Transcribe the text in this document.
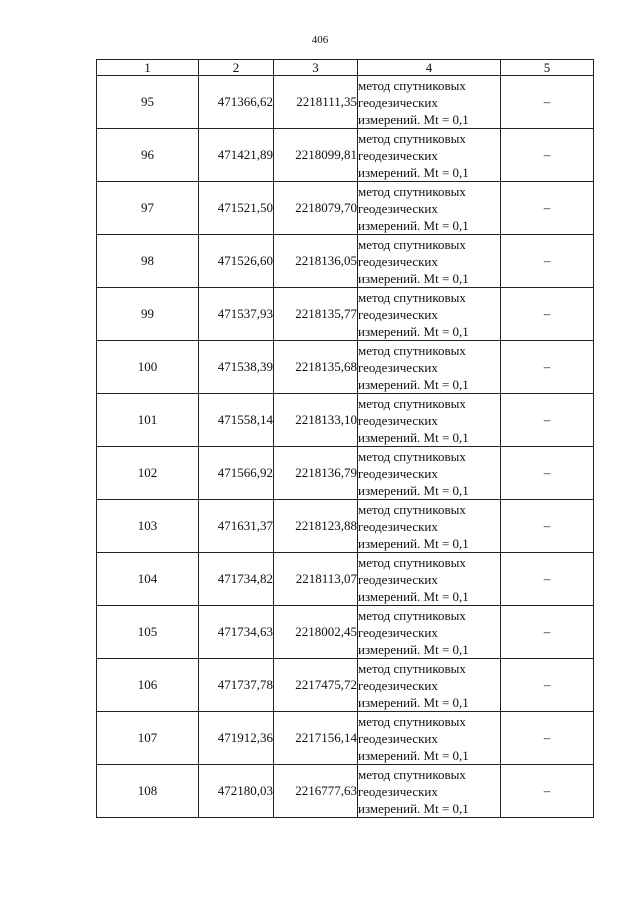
406
1	2	3	4	5
95	471366,62	2218111,35	метод спутниковых
геодезических
измерений. Mt = 0,1	–
96	471421,89	2218099,81	метод спутниковых
геодезических
измерений. Mt = 0,1	–
97	471521,50	2218079,70	метод спутниковых
геодезических
измерений. Mt = 0,1	–
98	471526,60	2218136,05	метод спутниковых
геодезических
измерений. Mt = 0,1	–
99	471537,93	2218135,77	метод спутниковых
геодезических
измерений. Mt = 0,1	–
100	471538,39	2218135,68	метод спутниковых
геодезических
измерений. Mt = 0,1	–
101	471558,14	2218133,10	метод спутниковых
геодезических
измерений. Mt = 0,1	–
102	471566,92	2218136,79	метод спутниковых
геодезических
измерений. Mt = 0,1	–
103	471631,37	2218123,88	метод спутниковых
геодезических
измерений. Mt = 0,1	–
104	471734,82	2218113,07	метод спутниковых
геодезических
измерений. Mt = 0,1	–
105	471734,63	2218002,45	метод спутниковых
геодезических
измерений. Mt = 0,1	–
106	471737,78	2217475,72	метод спутниковых
геодезических
измерений. Mt = 0,1	–
107	471912,36	2217156,14	метод спутниковых
геодезических
измерений. Mt = 0,1	–
108	472180,03	2216777,63	метод спутниковых
геодезических
измерений. Mt = 0,1	–
